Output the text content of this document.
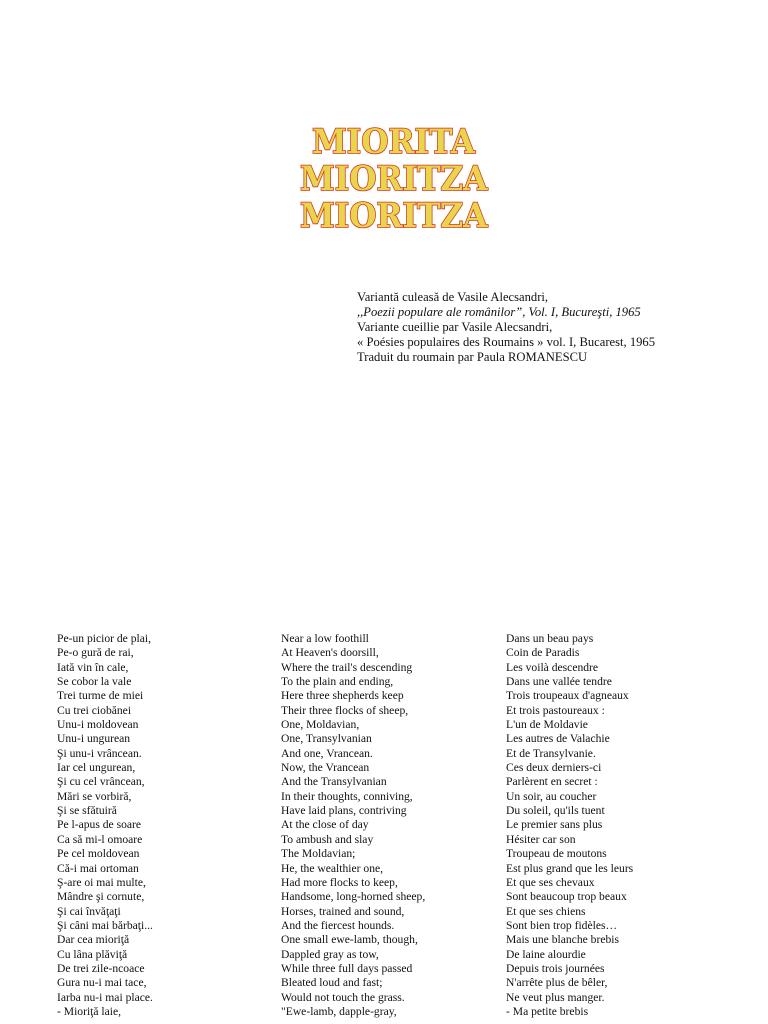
MIORITA
MIORITZA
MIORITZA
Variantă culeasă de Vasile Alecsandri,
,,Poezii populare ale românilor”, Vol. I, Bucureşti, 1965
Variante cueillie par Vasile Alecsandri,
« Poésies populaires des Roumains » vol. I, Bucarest, 1965
Traduit du roumain par Paula ROMANESCU
Pe-un picior de plai,
Pe-o gură de rai,
Iată vin în cale,
Se cobor la vale
Trei turme de miei
Cu trei ciobănei
Unu-i moldovean
Unu-i ungurean
Şi unu-i vrâncean.
Iar cel ungurean,
Şi cu cel vrâncean,
Mări se vorbiră,
Şi se sfătuiră
Pe l-apus de soare
Ca să mi-l omoare
Pe cel moldovean
Că-i mai ortoman
Ş-are oi mai multe,
Mândre şi cornute,
Şi cai învăţaţi
Şi câni mai bărbaţi...
Dar cea mioriţă
Cu lâna plăviţă
De trei zile-ncoace
Gura nu-i mai tace,
Iarba nu-i mai place.
- Mioriţă laie,
Near a low foothill
At Heaven's doorsill,
Where the trail's descending
To the plain and ending,
Here three shepherds keep
Their three flocks of sheep,
One, Moldavian,
One, Transylvanian
And one, Vrancean.
Now, the Vrancean
And the Transylvanian
In their thoughts, conniving,
Have laid plans, contriving
At the close of day
To ambush and slay
The Moldavian;
He, the wealthier one,
Had more flocks to keep,
Handsome, long-horned sheep,
Horses, trained and sound,
And the fiercest hounds.
One small ewe-lamb, though,
Dappled gray as tow,
While three full days passed
Bleated loud and fast;
Would not touch the grass.
"Ewe-lamb, dapple-gray,
Dans un beau pays
Coin de Paradis
Les voilà descendre
Dans une vallée tendre
Trois troupeaux d'agneaux
Et trois pastoureaux :
L'un de Moldavie
Les autres de Valachie
Et de Transylvanie.
Ces deux derniers-ci
Parlèrent en secret :
Un soir, au coucher
Du soleil, qu'ils tuent
Le premier sans plus
Hésiter car son
Troupeau de moutons
Est plus grand que les leurs
Et que ses chevaux
Sont beaucoup trop beaux
Et que ses chiens
Sont bien trop fidèles…
Mais une blanche brebis
De laine alourdie
Depuis trois journées
N'arrête plus de bêler,
Ne veut plus manger.
- Ma petite brebis
